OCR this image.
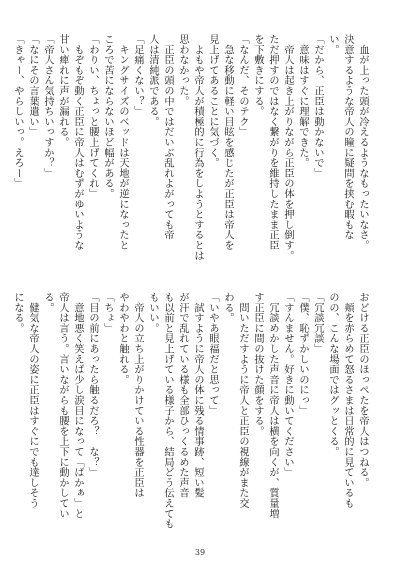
　血が上った頭が冷えるようなもったいなさ。

決意するような帝人の瞳に疑問を挟む暇もな

い。

「だから、正臣は動かないで」

　意味はすぐに理解できた。

　帝人は起き上がりながら正臣の体を押し倒す。

ただ押すのではなく繋がりを維持したまま正臣

を下敷きにする。

「なんだ、そのテク」

　急な移動に軽い目眩を感じたが正臣は帝人を

見上げてあることに気づく。

　よもや帝人が積極的に行為をしようとするとは

思わなかった。

　正臣の頭の中ではだいぶ乱れよがっても帝

人は清純派である。

「足痛くない？」

　キングサイズのベッドは天地が逆になったと

ころで苦にならないほど幅がある。

「わりい、ちょっと腰上げてくれ」

　もぞもぞ動く正臣に帝人はむずがゆいような

甘い痺れに声が漏れる。

「帝人さん気持ちいっすか？」

「なにその言葉遣い」

「きゃー、やらしいっ。えろー」

おどける正臣のほっぺたを帝人はつねる。

　頬を赤らめて怒るさまは日常的に見ているも

のの、こんな場面ではグッとくる。

「冗談冗談」

「僕、恥ずかしいのにっ」

「すんません。好きに動いてください」

　冗談めかした声音に帝人は横を向くが、質量増

す正臣に間の抜けた顔をする。

　問いただすように帝人と正臣の視線がまた交

わる。

「いやあ眼福だと思って」

　試すように帝人の体に残る情事跡、短い髪

が汗で乱れている様も全部ひっくるめた声音

も以前と見上げている様子から、結局どう伝えても

もいい。

　帝人の立ち上がりかけている性器を正臣は

やわやわと触れる。

「ちょ」

「目の前にあったら触るだろ？　な？」

　意地悪く笑えば少し涙目になって「ばかぁ」と

帝人は言う。言いながらも腰を上下に動かしてい

る。

　健気な帝人の姿に正臣はすぐにでも達しそう

になる。

39
